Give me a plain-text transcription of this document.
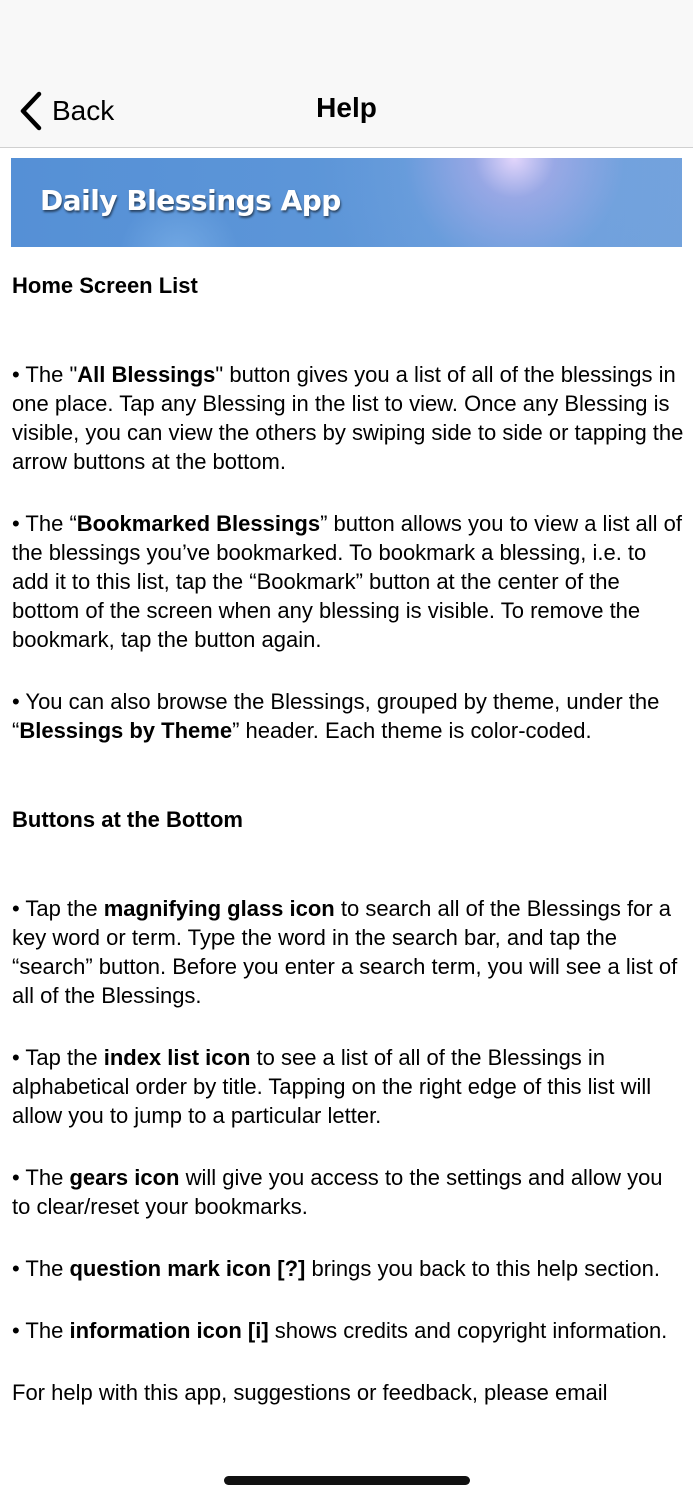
Back	Help
Daily Blessings App
Home Screen List

• The "All Blessings" button gives you a list of all of the blessings in one place. Tap any Blessing in the list to view. Once any Blessing is visible, you can view the others by swiping side to side or tapping the arrow buttons at the bottom.

• The “Bookmarked Blessings” button allows you to view a list all of the blessings you’ve bookmarked. To bookmark a blessing, i.e. to add it to this list, tap the “Bookmark” button at the center of the bottom of the screen when any blessing is visible. To remove the bookmark, tap the button again.

• You can also browse the Blessings, grouped by theme, under the “Blessings by Theme” header. Each theme is color-coded.

Buttons at the Bottom

• Tap the magnifying glass icon to search all of the Blessings for a key word or term. Type the word in the search bar, and tap the “search” button. Before you enter a search term, you will see a list of all of the Blessings.

• Tap the index list icon to see a list of all of the Blessings in alphabetical order by title. Tapping on the right edge of this list will allow you to jump to a particular letter.

• The gears icon will give you access to the settings and allow you to clear/reset your bookmarks.

• The question mark icon [?] brings you back to this help section.

• The information icon [i] shows credits and copyright information.

For help with this app, suggestions or feedback, please email
